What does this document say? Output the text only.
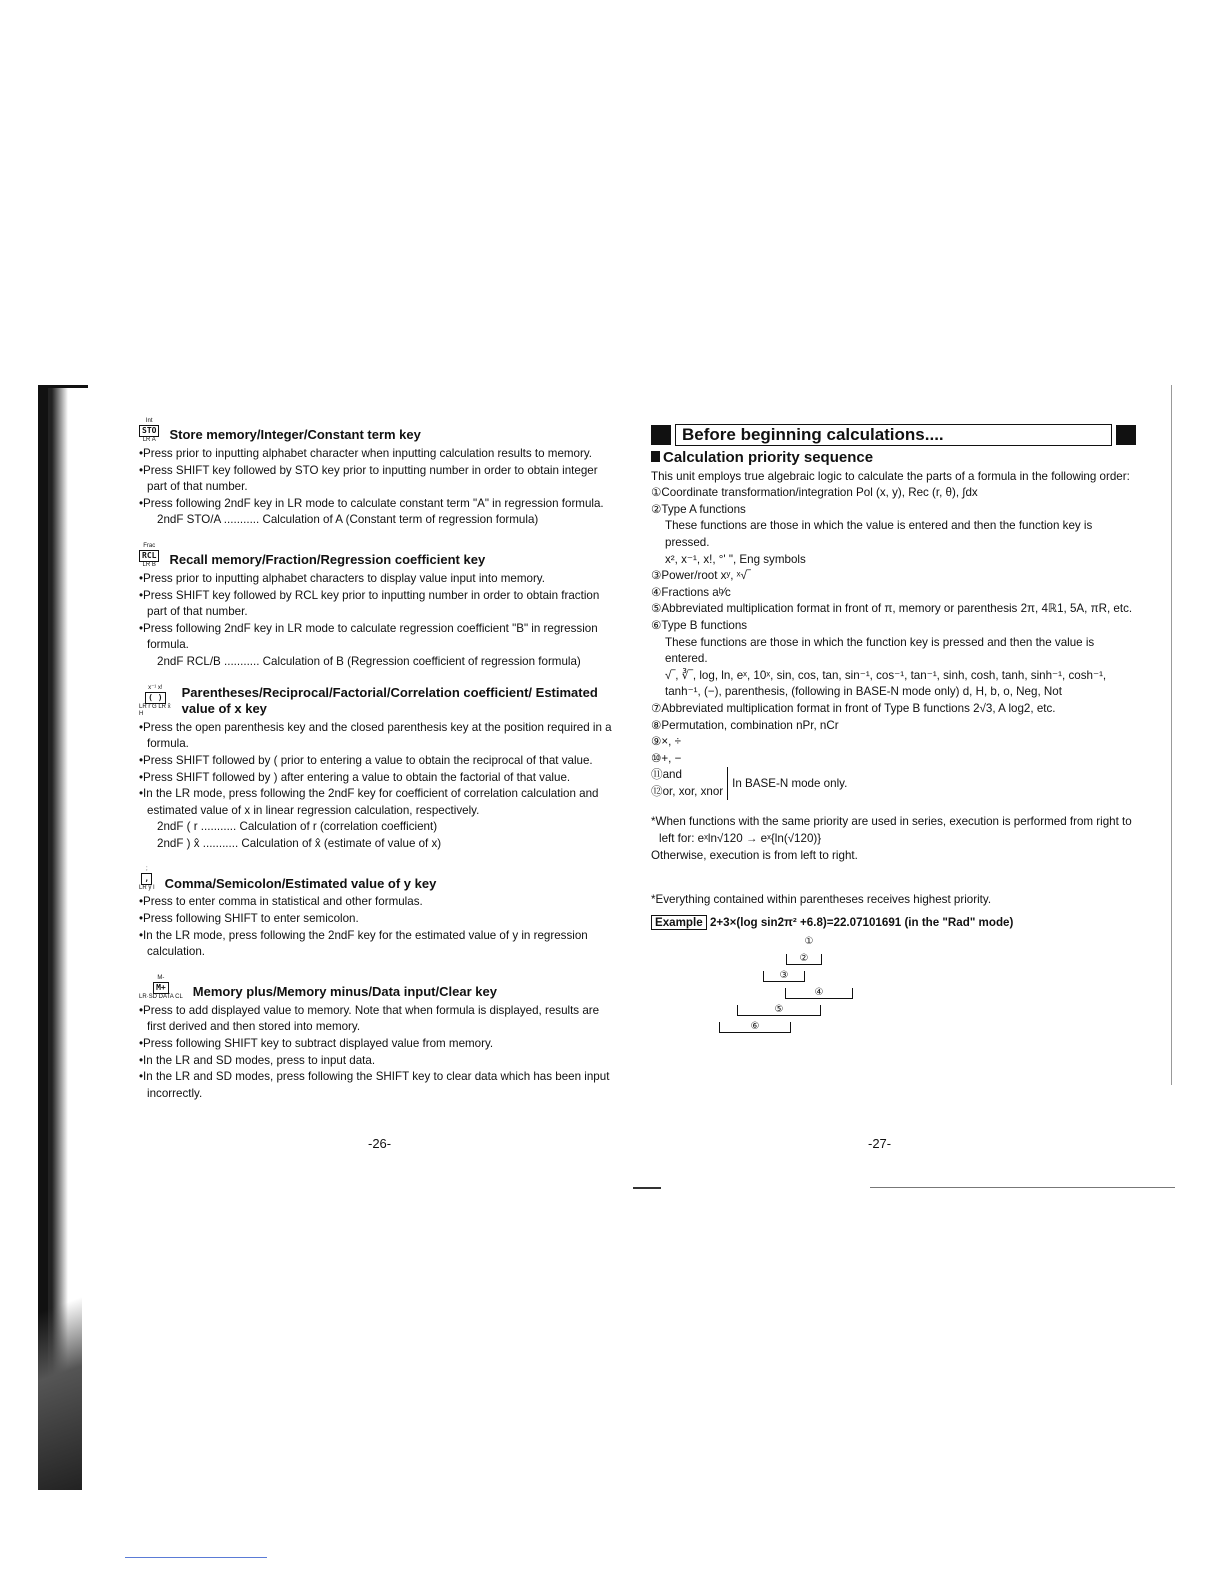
Int
STO
LR A Store memory/Integer/Constant term key
•Press prior to inputting alphabet character when inputting calculation results to memory.
•Press SHIFT key followed by STO key prior to inputting number in order to obtain integer part of that number.
•Press following 2ndF key in LR mode to calculate constant term "A" in regression formula.
2ndF STO/A ........... Calculation of A (Constant term of regression formula)
Frac
RCL
LR B Recall memory/Fraction/Regression coefficient key
•Press prior to inputting alphabet characters to display value input into memory.
•Press SHIFT key followed by RCL key prior to inputting number in order to obtain fraction part of that number.
•Press following 2ndF key in LR mode to calculate regression coefficient "B" in regression formula.
2ndF RCL/B ........... Calculation of B (Regression coefficient of regression formula)
x⁻¹ x!
( )
LR r G LR x̂ H
Parentheses/Reciprocal/Factorial/Correlation coefficient/ Estimated value of x key
•Press the open parenthesis key and the closed parenthesis key at the position required in a formula.
•Press SHIFT followed by ( prior to entering a value to obtain the reciprocal of that value.
•Press SHIFT followed by ) after entering a value to obtain the factorial of that value.
•In the LR mode, press following the 2ndF key for coefficient of correlation calculation and estimated value of x in linear regression calculation, respectively.
2ndF ( r ........... Calculation of r (correlation coefficient)
2ndF ) x̂ ........... Calculation of x̂ (estimate of value of x)
;
,
LR ŷ I Comma/Semicolon/Estimated value of y key
•Press to enter comma in statistical and other formulas.
•Press following SHIFT to enter semicolon.
•In the LR mode, press following the 2ndF key for the estimated value of y in regression calculation.
M-
M+
LR·SD DATA CL Memory plus/Memory minus/Data input/Clear key
•Press to add displayed value to memory. Note that when formula is displayed, results are first derived and then stored into memory.
•Press following SHIFT key to subtract displayed value from memory.
•In the LR and SD modes, press to input data.
•In the LR and SD modes, press following the SHIFT key to clear data which has been input incorrectly.
-26-
Before beginning calculations....
Calculation priority sequence
This unit employs true algebraic logic to calculate the parts of a formula in the following order:
①Coordinate transformation/integration Pol (x, y), Rec (r, θ), ∫dx
②Type A functions
These functions are those in which the value is entered and then the function key is pressed.
x², x⁻¹, x!, °' ", Eng symbols
③Power/root xʸ, ˣ√‾
④Fractions aᵇ⁄c
⑤Abbreviated multiplication format in front of π, memory or parenthesis 2π, 4ℝ1, 5A, πR, etc.
⑥Type B functions
These functions are those in which the function key is pressed and then the value is entered.
√‾, ∛‾, log, ln, eˣ, 10ˣ, sin, cos, tan, sin⁻¹, cos⁻¹, tan⁻¹, sinh, cosh, tanh, sinh⁻¹, cosh⁻¹, tanh⁻¹, (−), parenthesis, (following in BASE-N mode only) d, H, b, o, Neg, Not
⑦Abbreviated multiplication format in front of Type B functions 2√3, A log2, etc.
⑧Permutation, combination nPr, nCr
⑨×, ÷
⑩+, −
⑪and
⑫or, xor, xnor
In BASE-N mode only.
*When functions with the same priority are used in series, execution is performed from right to left for: eˣln√120 → eˣ{ln(√120)}
Otherwise, execution is from left to right.
*Everything contained within parentheses receives highest priority.
Example 2+3×(log sin2π² +6.8)=22.07101691 (in the "Rad" mode)
①
②
③
④
⑤
⑥
-27-
